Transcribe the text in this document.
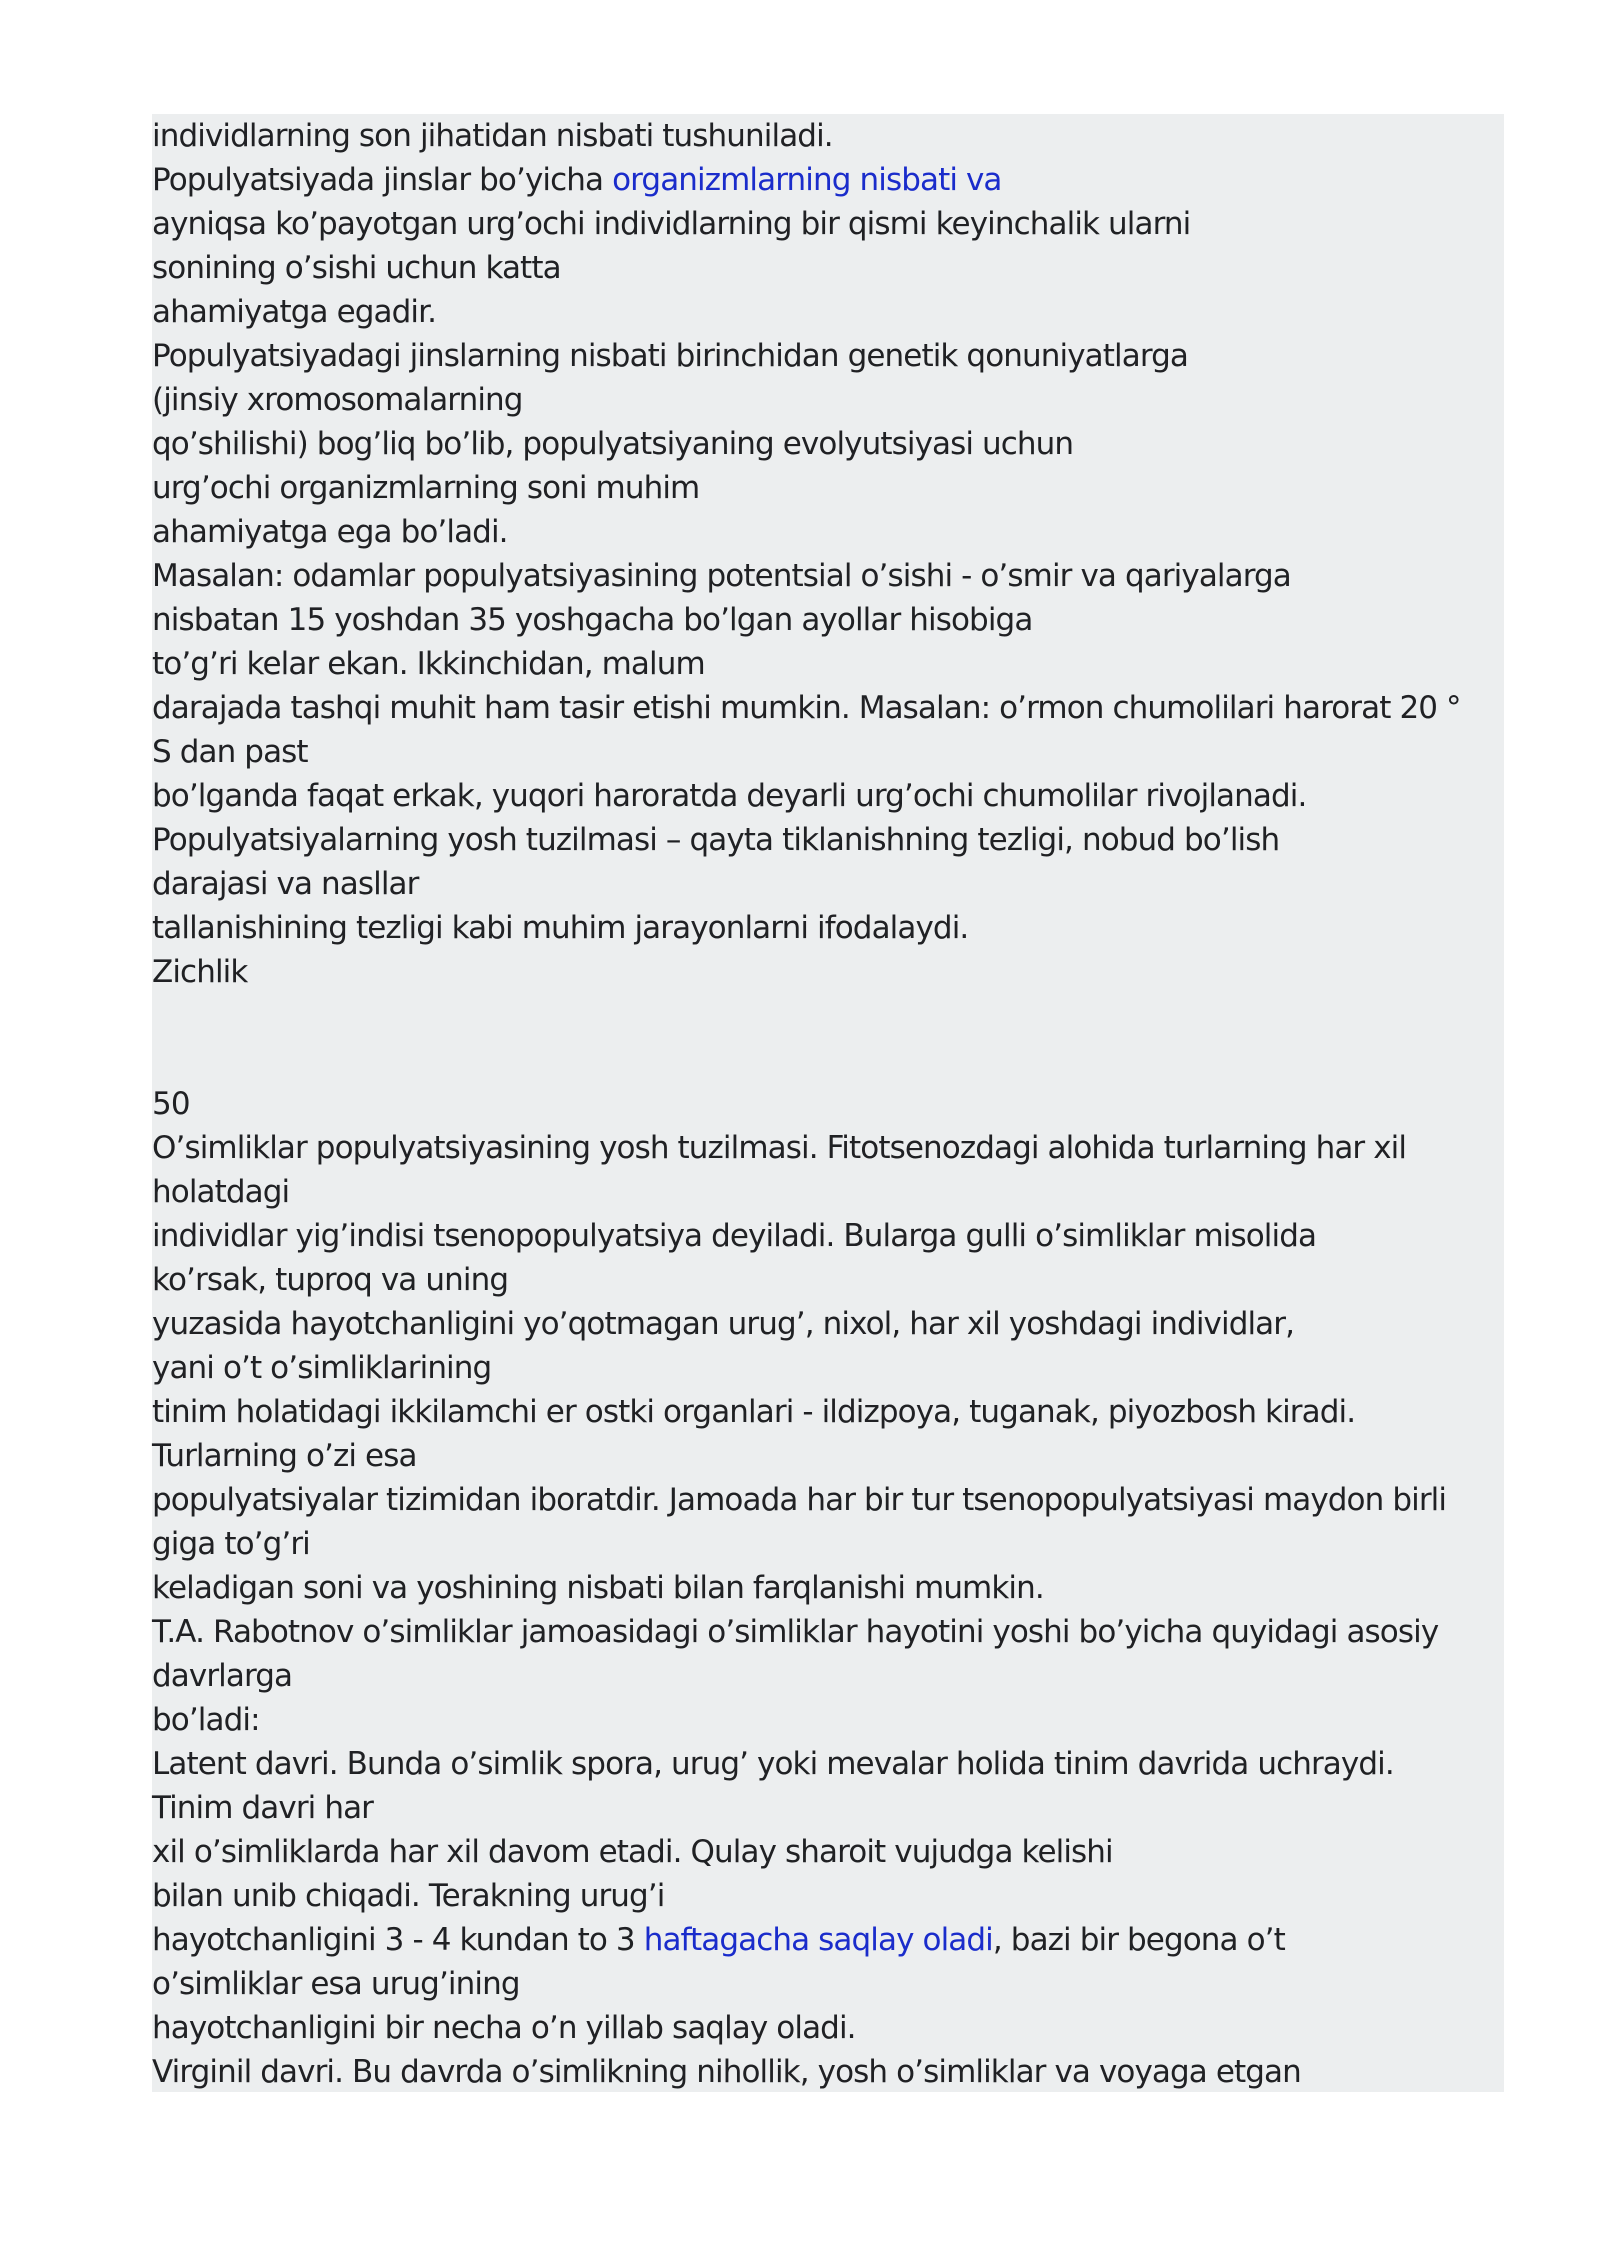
individlarning son jihatidan nisbati tushuniladi.

Populyatsiyada jinslar bo’yicha organizmlarning nisbati va

ayniqsa ko’payotgan urg’ochi individlarning bir qismi keyinchalik ularni

sonining o’sishi uchun katta

ahamiyatga egadir.

Populyatsiyadagi jinslarning nisbati birinchidan genetik qonuniyatlarga

(jinsiy xromosomalarning

qo’shilishi) bog’liq bo’lib, populyatsiyaning evolyutsiyasi uchun

urg’ochi organizmlarning soni muhim

ahamiyatga ega bo’ladi.

Masalan: odamlar populyatsiyasining potentsial o’sishi - o’smir va qariyalarga

nisbatan 15 yoshdan 35 yoshgacha bo’lgan ayollar hisobiga

to’g’ri kelar ekan. Ikkinchidan, malum

darajada tashqi muhit ham tasir etishi mumkin. Masalan: o’rmon chumolilari harorat 20 °

S dan past

bo’lganda faqat erkak, yuqori haroratda deyarli urg’ochi chumolilar rivojlanadi.

Populyatsiyalarning yosh tuzilmasi – qayta tiklanishning tezligi, nobud bo’lish

darajasi va nasllar

tallanishining tezligi kabi muhim jarayonlarni ifodalaydi.

Zichlik

50

O’simliklar populyatsiyasining yosh tuzilmasi. Fitotsenozdagi alohida turlarning har xil

holatdagi

individlar yig’indisi tsenopopulyatsiya deyiladi. Bularga gulli o’simliklar misolida

ko’rsak, tuproq va uning

yuzasida hayotchanligini yo’qotmagan urug’, nixol, har xil yoshdagi individlar,

yani o’t o’simliklarining

tinim holatidagi ikkilamchi er ostki organlari - ildizpoya, tuganak, piyozbosh kiradi.

Turlarning o’zi esa

populyatsiyalar tizimidan iboratdir. Jamoada har bir tur tsenopopulyatsiyasi maydon birli

giga to’g’ri

keladigan soni va yoshining nisbati bilan farqlanishi mumkin.

T.A. Rabotnov o’simliklar jamoasidagi o’simliklar hayotini yoshi bo’yicha quyidagi asosiy

davrlarga

bo’ladi:

Latent davri. Bunda o’simlik spora, urug’ yoki mevalar holida tinim davrida uchraydi.

Tinim davri har

xil o’simliklarda har xil davom etadi. Qulay sharoit vujudga kelishi

bilan unib chiqadi. Terakning urug’i

hayotchanligini 3 - 4 kundan to 3 haftagacha saqlay oladi, bazi bir begona o’t

o’simliklar esa urug’ining

hayotchanligini bir necha o’n yillab saqlay oladi.

Virginil davri. Bu davrda o’simlikning nihollik, yosh o’simliklar va voyaga etgan
